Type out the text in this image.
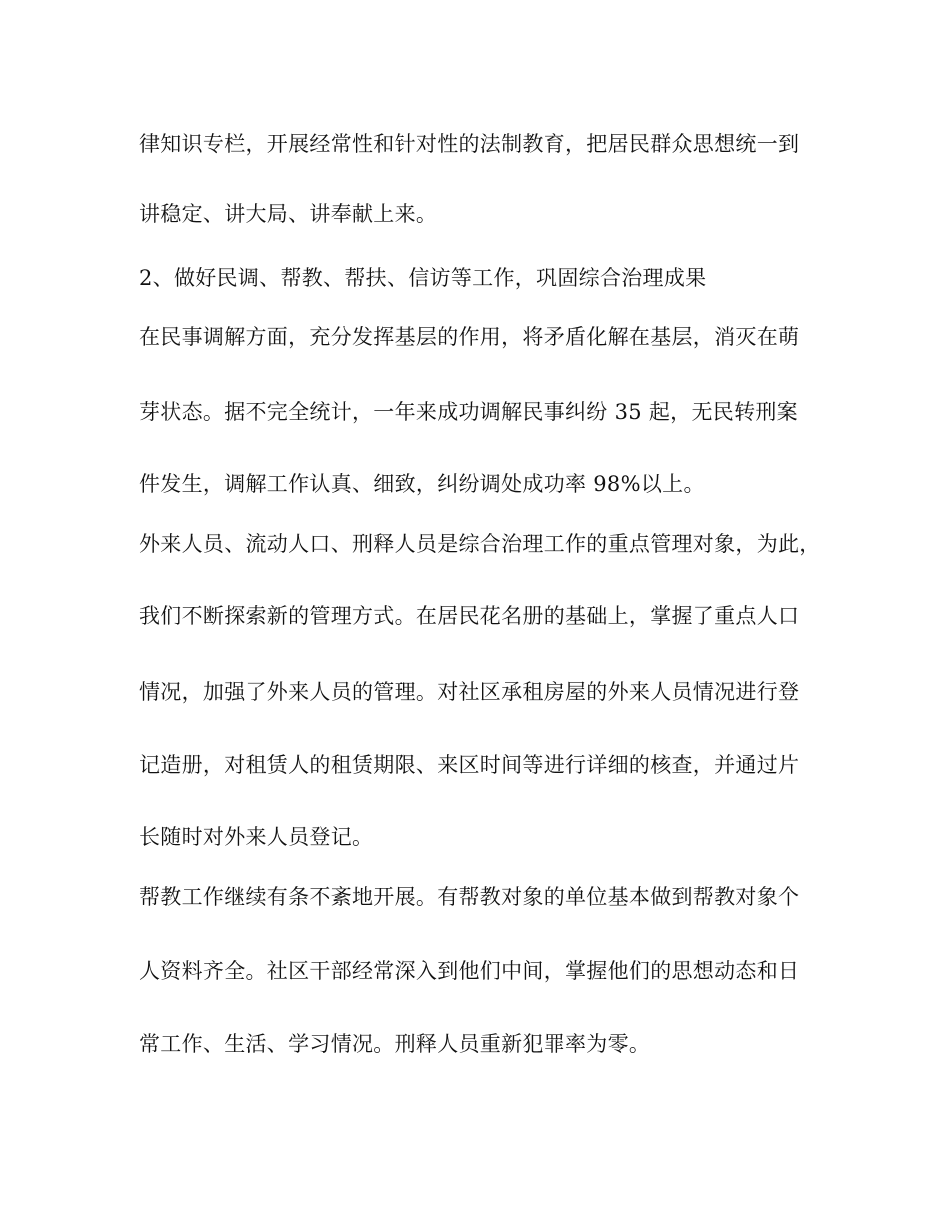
律知识专栏，开展经常性和针对性的法制教育，把居民群众思想统一到
讲稳定、讲大局、讲奉献上来。
2、做好民调、帮教、帮扶、信访等工作，巩固综合治理成果
在民事调解方面，充分发挥基层的作用，将矛盾化解在基层，消灭在萌
芽状态。据不完全统计，一年来成功调解民事纠纷 35 起，无民转刑案
件发生，调解工作认真、细致，纠纷调处成功率 98%以上。
外来人员、流动人口、刑释人员是综合治理工作的重点管理对象，为此，
我们不断探索新的管理方式。在居民花名册的基础上，掌握了重点人口
情况，加强了外来人员的管理。对社区承租房屋的外来人员情况进行登
记造册，对租赁人的租赁期限、来区时间等进行详细的核查，并通过片
长随时对外来人员登记。
帮教工作继续有条不紊地开展。有帮教对象的单位基本做到帮教对象个
人资料齐全。社区干部经常深入到他们中间，掌握他们的思想动态和日
常工作、生活、学习情况。刑释人员重新犯罪率为零。
